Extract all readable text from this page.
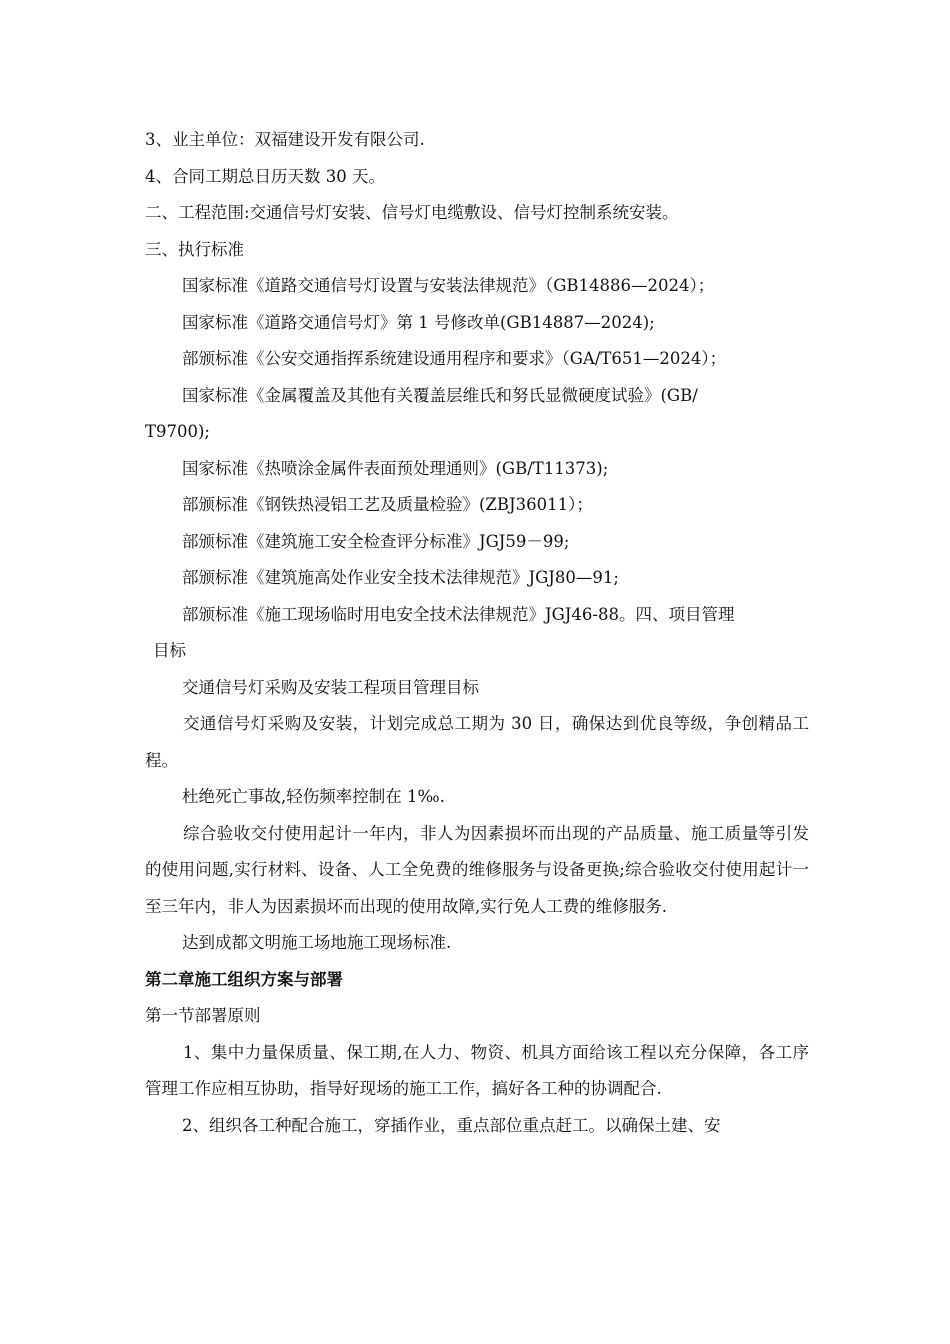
3、业主单位：双福建设开发有限公司.
4、合同工期总日历天数 30 天。
二、工程范围:交通信号灯安装、信号灯电缆敷设、信号灯控制系统安装。
三、执行标准
国家标准《道路交通信号灯设置与安装法律规范》（GB14886—2024）；
国家标准《道路交通信号灯》第 1 号修改单(GB14887—2024);
部颁标准《公安交通指挥系统建设通用程序和要求》（GA/T651—2024）；
国家标准《金属覆盖及其他有关覆盖层维氏和努氏显微硬度试验》(GB/
T9700);
国家标准《热喷涂金属件表面预处理通则》(GB/T11373);
部颁标准《钢铁热浸铝工艺及质量检验》(ZBJ36011）；
部颁标准《建筑施工安全检查评分标准》JGJ59－99;
部颁标准《建筑施高处作业安全技术法律规范》JGJ80—91;
部颁标准《施工现场临时用电安全技术法律规范》JGJ46-88。四、项目管理
目标
交通信号灯采购及安装工程项目管理目标
交通信号灯采购及安装，计划完成总工期为 30 日，确保达到优良等级，争创精品工程。
杜绝死亡事故,轻伤频率控制在 1‰.
综合验收交付使用起计一年内，非人为因素损坏而出现的产品质量、施工质量等引发的使用问题,实行材料、设备、人工全免费的维修服务与设备更换;综合验收交付使用起计一至三年内，非人为因素损坏而出现的使用故障,实行免人工费的维修服务.
达到成都文明施工场地施工现场标准.
第二章施工组织方案与部署
第一节部署原则
1、集中力量保质量、保工期,在人力、物资、机具方面给该工程以充分保障，各工序管理工作应相互协助，指导好现场的施工工作，搞好各工种的协调配合.
2、组织各工种配合施工，穿插作业，重点部位重点赶工。以确保土建、安
